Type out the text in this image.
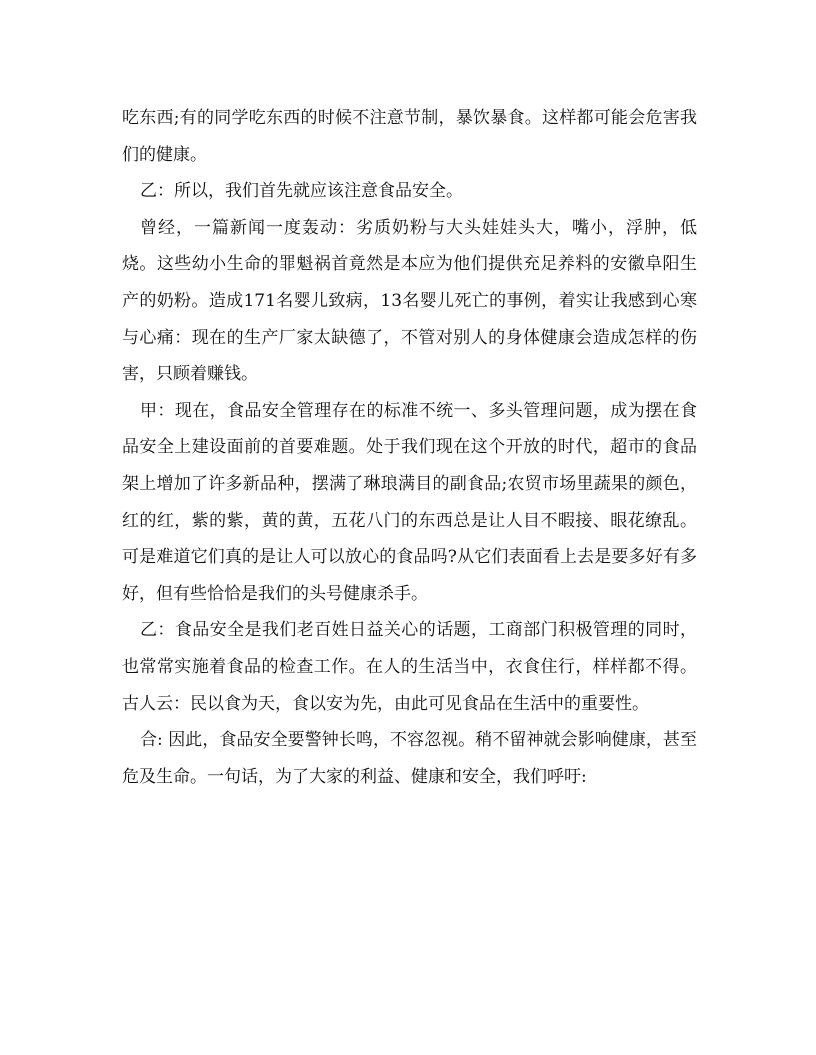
吃东西;有的同学吃东西的时候不注意节制，暴饮暴食。这样都可能会危害我们的健康。

乙：所以，我们首先就应该注意食品安全。

曾经，一篇新闻一度轰动：劣质奶粉与大头娃娃头大，嘴小，浮肿，低烧。这些幼小生命的罪魁祸首竟然是本应为他们提供充足养料的安徽阜阳生产的奶粉。造成171名婴儿致病，13名婴儿死亡的事例，着实让我感到心寒与心痛：现在的生产厂家太缺德了，不管对别人的身体健康会造成怎样的伤害，只顾着赚钱。

甲：现在，食品安全管理存在的标准不统一、多头管理问题，成为摆在食品安全上建设面前的首要难题。处于我们现在这个开放的时代，超市的食品架上增加了许多新品种，摆满了琳琅满目的副食品;农贸市场里蔬果的颜色，红的红，紫的紫，黄的黄，五花八门的东西总是让人目不暇接、眼花缭乱。可是难道它们真的是让人可以放心的食品吗?从它们表面看上去是要多好有多好，但有些恰恰是我们的头号健康杀手。

乙：食品安全是我们老百姓日益关心的话题，工商部门积极管理的同时，也常常实施着食品的检查工作。在人的生活当中，衣食住行，样样都不得。古人云：民以食为天，食以安为先，由此可见食品在生活中的重要性。

合: 因此，食品安全要警钟长鸣，不容忽视。稍不留神就会影响健康，甚至危及生命。一句话，为了大家的利益、健康和安全，我们呼吁:
